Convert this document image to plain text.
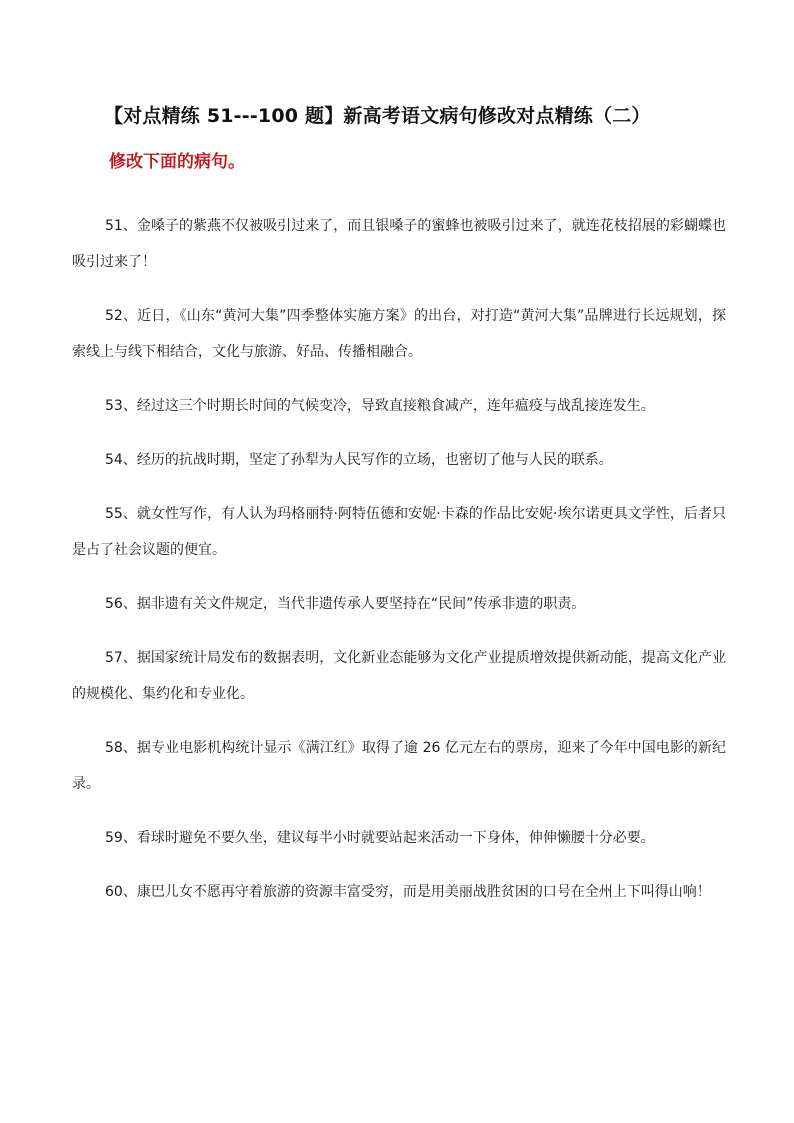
【对点精练 51---100 题】新高考语文病句修改对点精练（二）
修改下面的病句。
51、金嗓子的紫燕不仅被吸引过来了，而且银嗓子的蜜蜂也被吸引过来了，就连花枝招展的彩蝴蝶也吸引过来了！
52、近日，《山东“黄河大集”四季整体实施方案》的出台，对打造“黄河大集”品牌进行长远规划，探索线上与线下相结合，文化与旅游、好品、传播相融合。
53、经过这三个时期长时间的气候变冷，导致直接粮食减产，连年瘟疫与战乱接连发生。
54、经历的抗战时期，坚定了孙犁为人民写作的立场，也密切了他与人民的联系。
55、就女性写作，有人认为玛格丽特·阿特伍德和安妮·卡森的作品比安妮·埃尔诺更具文学性，后者只是占了社会议题的便宜。
56、据非遗有关文件规定，当代非遗传承人要坚持在“民间”传承非遗的职责。
57、据国家统计局发布的数据表明，文化新业态能够为文化产业提质增效提供新动能，提高文化产业的规模化、集约化和专业化。
58、据专业电影机构统计显示《满江红》取得了逾 26 亿元左右的票房，迎来了今年中国电影的新纪录。
59、看球时避免不要久坐，建议每半小时就要站起来活动一下身体，伸伸懒腰十分必要。
60、康巴儿女不愿再守着旅游的资源丰富受穷，而是用美丽战胜贫困的口号在全州上下叫得山响！
